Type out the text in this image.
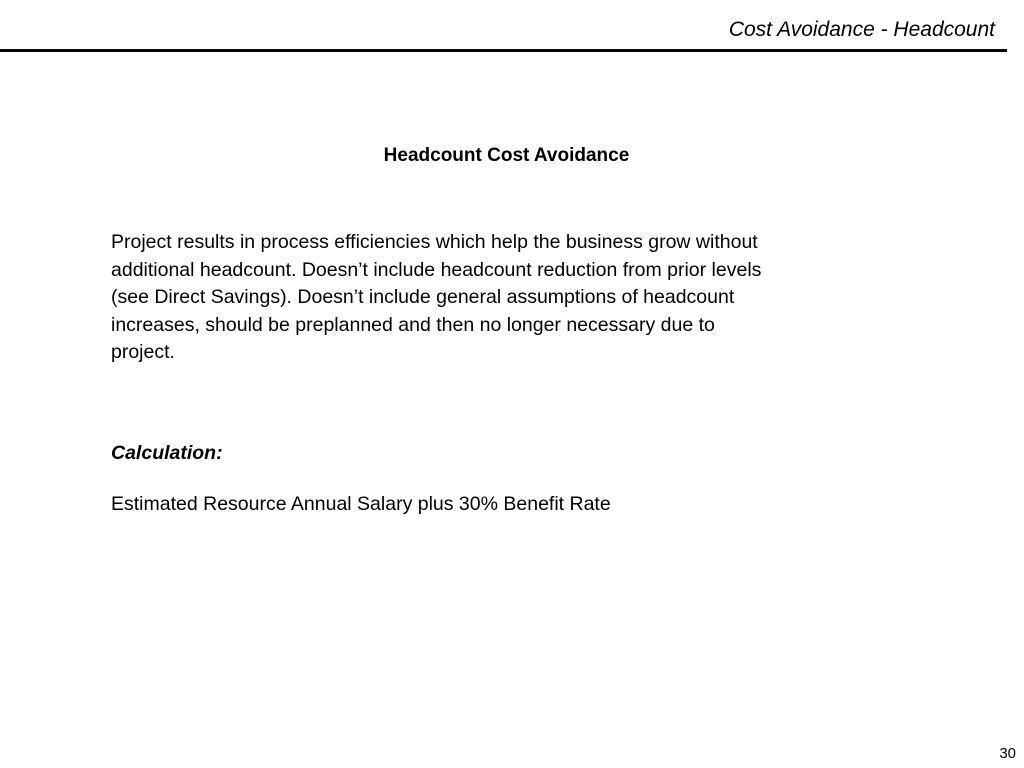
Cost Avoidance - Headcount
Headcount Cost Avoidance
Project results in process efficiencies which help the business grow without
additional headcount. Doesn’t include headcount reduction from prior levels
(see Direct Savings). Doesn’t include general assumptions of headcount
increases, should be preplanned and then no longer necessary due to
project.
Calculation:
Estimated Resource Annual Salary plus 30% Benefit Rate
30
